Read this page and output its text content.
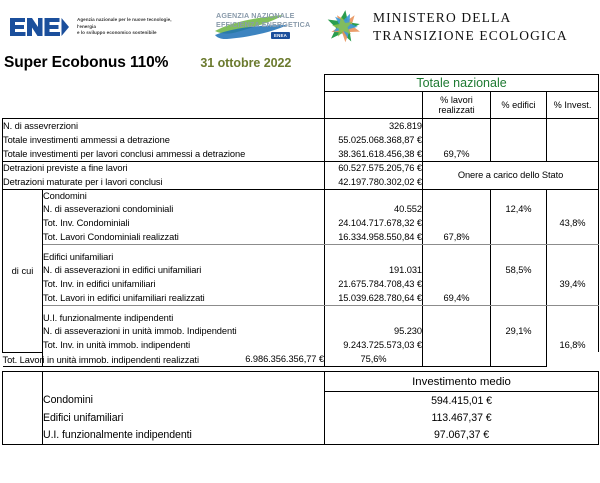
Agenzia nazionale per le nuove tecnologie, l'energia
e lo sviluppo economico sostenibile
AGENZIA NAZIONALE
EFFICIENZA ENERGETICA
ENEA
MINISTERO DELLA
TRANSIZIONE ECOLOGICA
Super Ecobonus 110%	31 ottobre 2022
		Totale nazionale			
			% lavori
realizzati	% edifici	% Invest.
N. di assevrerzioni		326.819			
Totale investimenti ammessi a detrazione		55.025.068.368,87 €			
Totale investimenti per lavori conclusi ammessi a detrazione		38.361.618.456,38 €	69,7%		
Detrazioni previste a fine lavori		60.527.575.205,76 €	Onere a carico dello Stato		
Detrazioni maturate per i lavori conclusi		42.197.780.302,02 €			
di cui	Condomini				
	N. di asseverazioni condominiali	40.552		12,4%	
	Tot. Inv. Condominiali	24.104.717.678,32 €			43,8%
	Tot. Lavori Condominiali realizzati	16.334.958.550,84 €	67,8%		

	Edifici unifamiliari				
	N. di asseverazioni in edifici unifamiliari	191.031		58,5%	
	Tot. Inv. in edifici unifamiliari	21.675.784.708,43 €			39,4%
	Tot. Lavori in edifici unifamiliari realizzati	15.039.628.780,64 €	69,4%		

	U.I. funzionalmente indipendenti				
	N. di asseverazioni in unità immob. Indipendenti	95.230		29,1%	
	Tot. Inv. in unità immob. indipendenti	9.243.725.573,03 €			16,8%
Tot. Lavori in unità immob. indipendenti realizzati	6.986.356.356,77 €	75,6%			

		Investimento medio			
	Condomini	594.415,01 €			
	Edifici unifamiliari	113.467,37 €			
	U.I. funzionalmente indipendenti	97.067,37 €			
